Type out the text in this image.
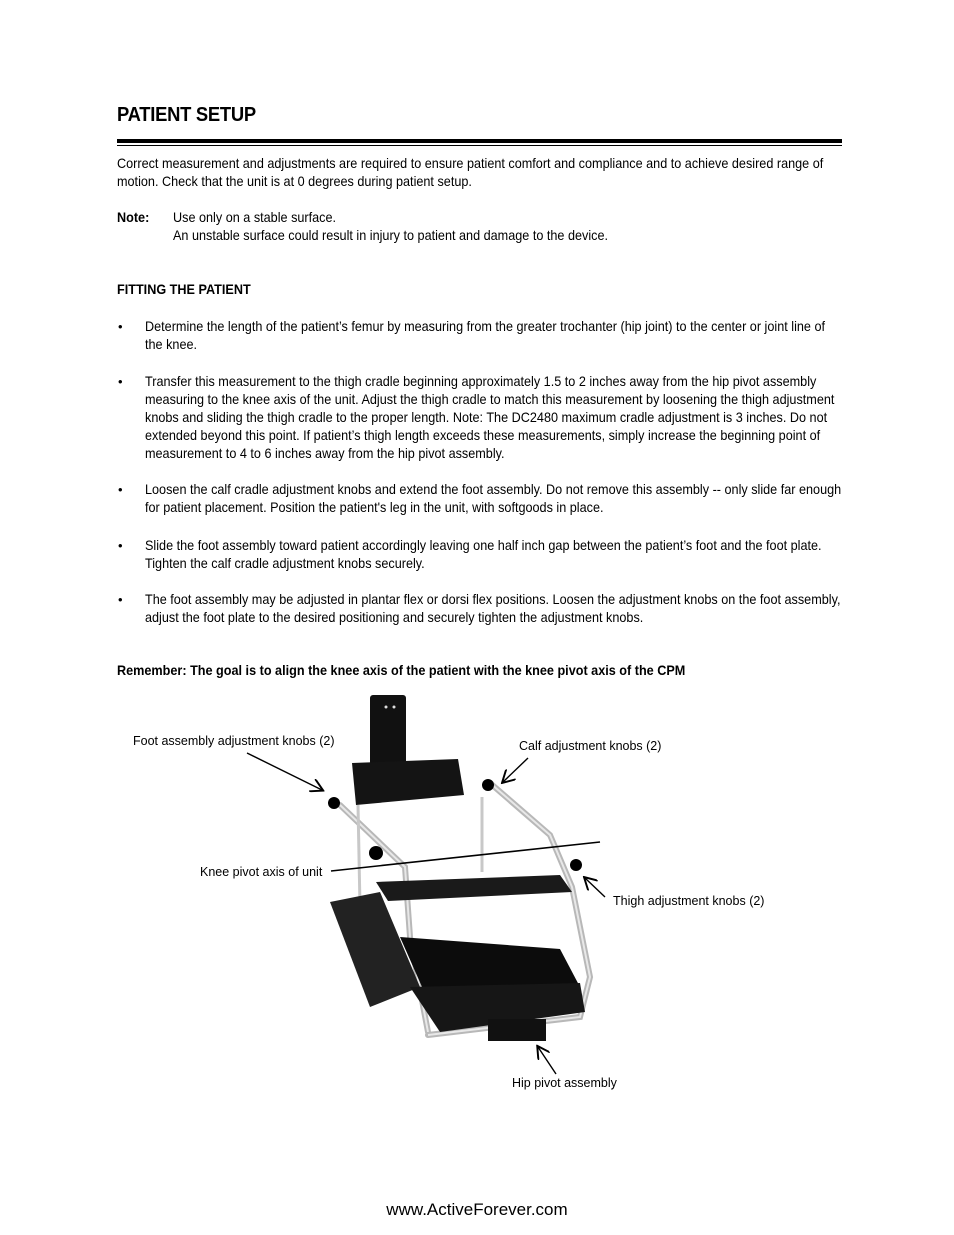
PATIENT SETUP
Correct measurement and adjustments are required to ensure patient comfort and compliance and to achieve desired range of motion. Check that the unit is at 0 degrees during patient setup.
Note: Use only on a stable surface.
An unstable surface could result in injury to patient and damage to the device.
FITTING THE PATIENT
• Determine the length of the patient’s femur by measuring from the greater trochanter (hip joint) to the center or joint line of the knee.
• Transfer this measurement to the thigh cradle beginning approximately 1.5 to 2 inches away from the hip pivot assembly measuring to the knee axis of the unit. Adjust the thigh cradle to match this measurement by loosening the thigh adjustment knobs and sliding the thigh cradle to the proper length. Note: The DC2480 maximum cradle adjustment is 3 inches. Do not extended beyond this point. If patient’s thigh length exceeds these measurements, simply increase the beginning point of measurement to 4 to 6 inches away from the hip pivot assembly.
• Loosen the calf cradle adjustment knobs and extend the foot assembly. Do not remove this assembly -- only slide far enough for patient placement. Position the patient's leg in the unit, with softgoods in place.
• Slide the foot assembly toward patient accordingly leaving one half inch gap between the patient’s foot and the foot plate. Tighten the calf cradle adjustment knobs securely.
• The foot assembly may be adjusted in plantar flex or dorsi flex positions. Loosen the adjustment knobs on the foot assembly, adjust the foot plate to the desired positioning and securely tighten the adjustment knobs.
Remember: The goal is to align the knee axis of the patient with the knee pivot axis of the CPM
Foot assembly adjustment knobs (2)	Calf adjustment knobs (2)
Knee pivot axis of unit
Thigh adjustment knobs (2)
Hip pivot assembly
www.ActiveForever.com
